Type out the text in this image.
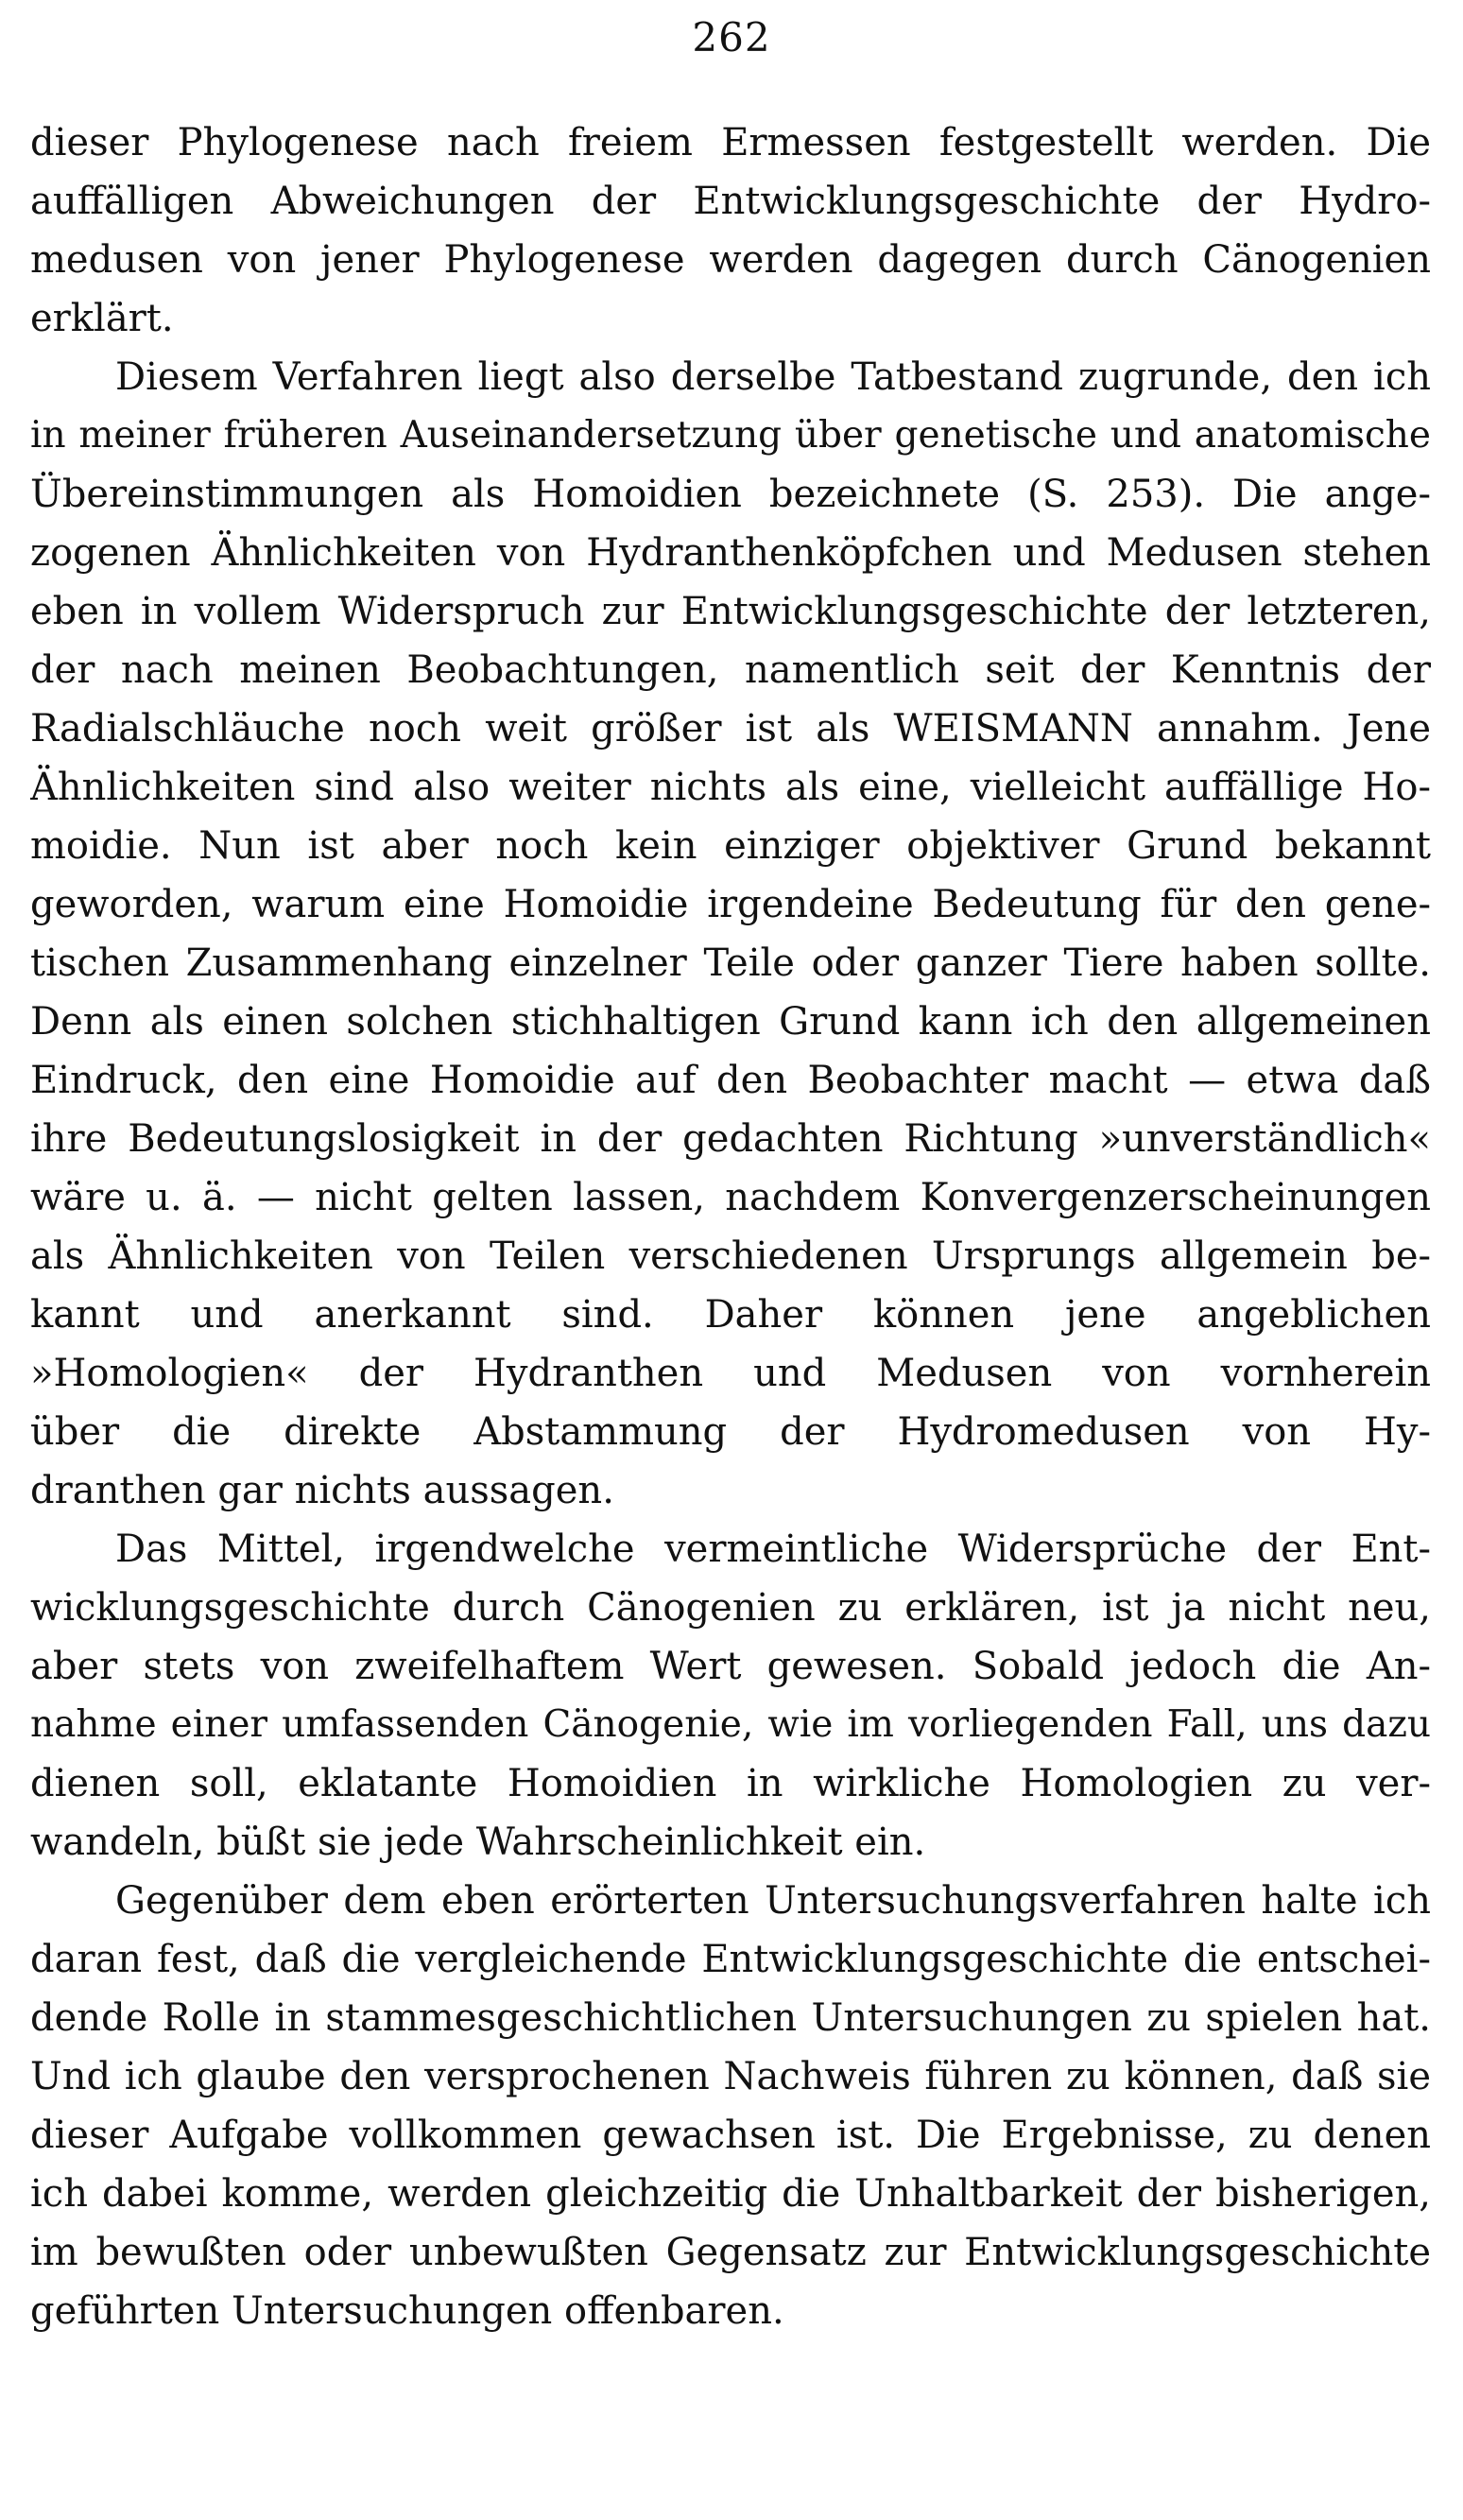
262
dieser Phylogenese nach freiem Ermessen festgestellt werden. Die
auffälligen Abweichungen der Entwicklungsgeschichte der Hydro-
medusen von jener Phylogenese werden dagegen durch Cänogenien
erklärt.
Diesem Verfahren liegt also derselbe Tatbestand zugrunde, den ich
in meiner früheren Auseinandersetzung über genetische und anatomische
Übereinstimmungen als Homoidien bezeichnete (S. 253). Die ange-
zogenen Ähnlichkeiten von Hydranthenköpfchen und Medusen stehen
eben in vollem Widerspruch zur Entwicklungsgeschichte der letzteren,
der nach meinen Beobachtungen, namentlich seit der Kenntnis der
Radialschläuche noch weit größer ist als WEISMANN annahm. Jene
Ähnlichkeiten sind also weiter nichts als eine, vielleicht auffällige Ho-
moidie. Nun ist aber noch kein einziger objektiver Grund bekannt
geworden, warum eine Homoidie irgendeine Bedeutung für den gene-
tischen Zusammenhang einzelner Teile oder ganzer Tiere haben sollte.
Denn als einen solchen stichhaltigen Grund kann ich den allgemeinen
Eindruck, den eine Homoidie auf den Beobachter macht — etwa daß
ihre Bedeutungslosigkeit in der gedachten Richtung »unverständlich«
wäre u. ä. — nicht gelten lassen, nachdem Konvergenzerscheinungen
als Ähnlichkeiten von Teilen verschiedenen Ursprungs allgemein be-
kannt und anerkannt sind. Daher können jene angeblichen
»Homologien« der Hydranthen und Medusen von vornherein
über die direkte Abstammung der Hydromedusen von Hy-
dranthen gar nichts aussagen.
Das Mittel, irgendwelche vermeintliche Widersprüche der Ent-
wicklungsgeschichte durch Cänogenien zu erklären, ist ja nicht neu,
aber stets von zweifelhaftem Wert gewesen. Sobald jedoch die An-
nahme einer umfassenden Cänogenie, wie im vorliegenden Fall, uns dazu
dienen soll, eklatante Homoidien in wirkliche Homologien zu ver-
wandeln, büßt sie jede Wahrscheinlichkeit ein.
Gegenüber dem eben erörterten Untersuchungsverfahren halte ich
daran fest, daß die vergleichende Entwicklungsgeschichte die entschei-
dende Rolle in stammesgeschichtlichen Untersuchungen zu spielen hat.
Und ich glaube den versprochenen Nachweis führen zu können, daß sie
dieser Aufgabe vollkommen gewachsen ist. Die Ergebnisse, zu denen
ich dabei komme, werden gleichzeitig die Unhaltbarkeit der bisherigen,
im bewußten oder unbewußten Gegensatz zur Entwicklungsgeschichte
geführten Untersuchungen offenbaren.
